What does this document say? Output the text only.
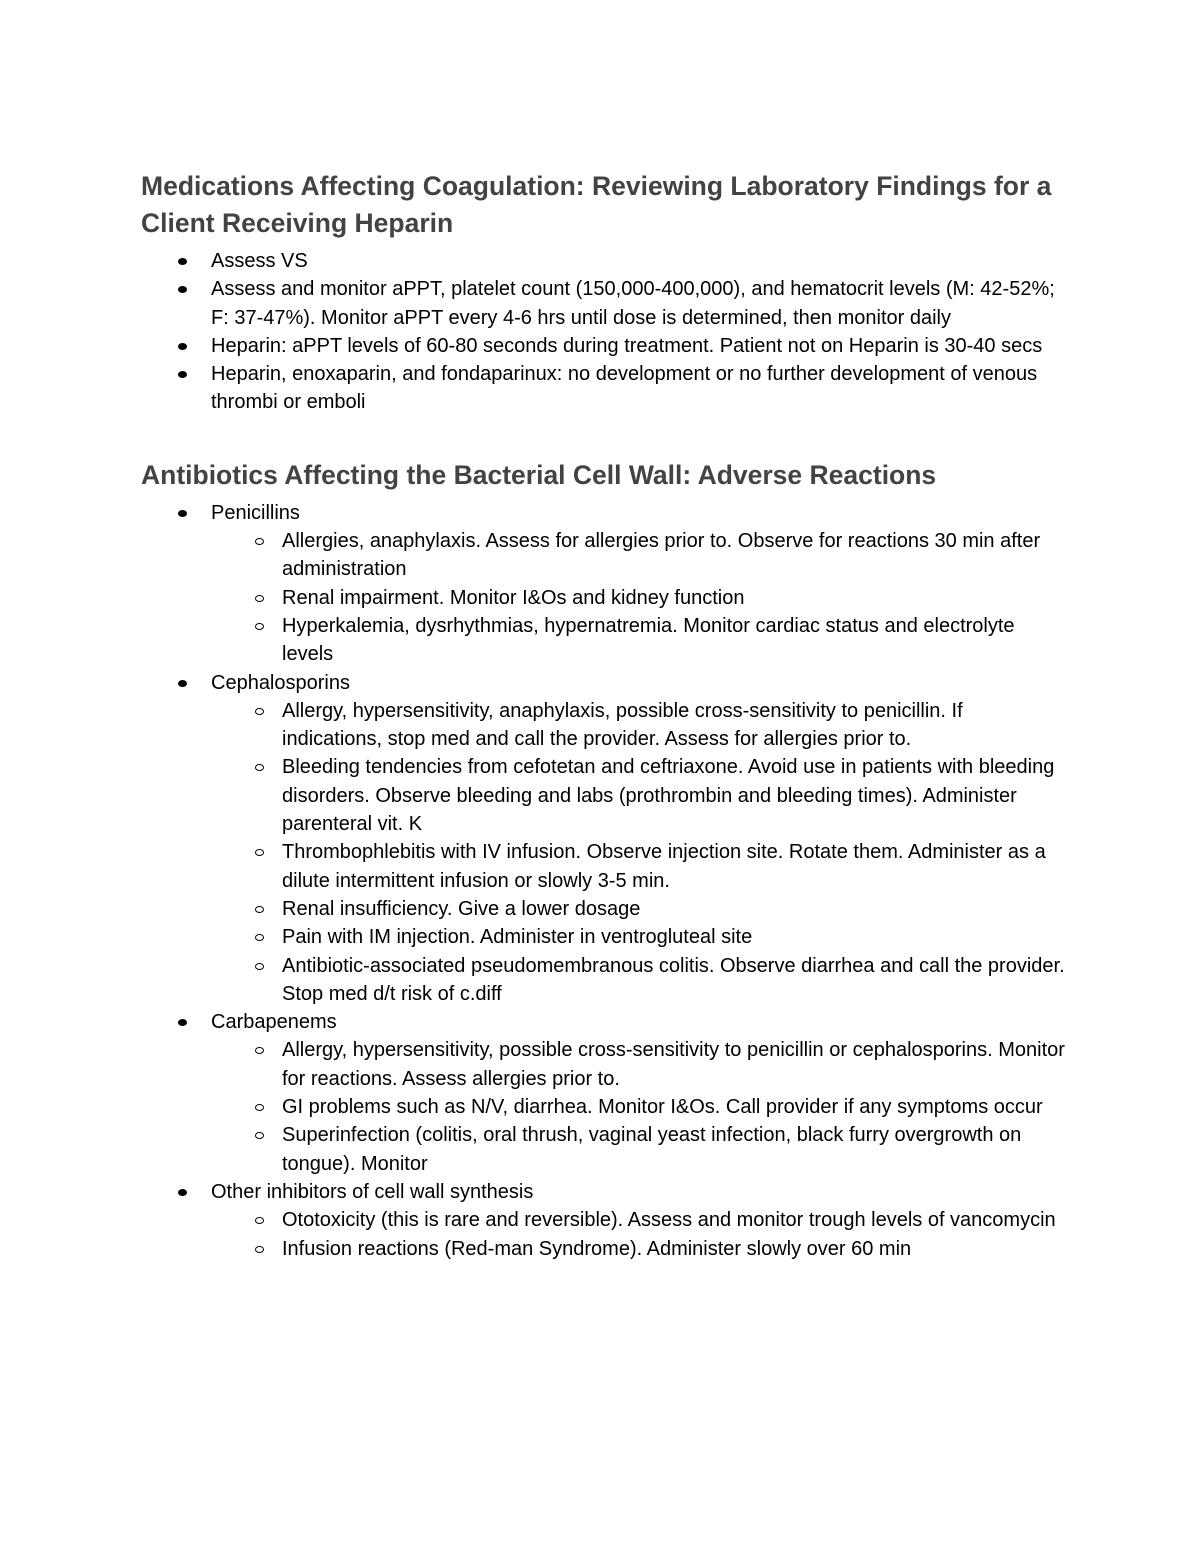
Medications Affecting Coagulation: Reviewing Laboratory Findings for a Client Receiving Heparin
Assess VS
Assess and monitor aPPT, platelet count (150,000-400,000), and hematocrit levels (M: 42-52%; F: 37-47%). Monitor aPPT every 4-6 hrs until dose is determined, then monitor daily
Heparin: aPPT levels of 60-80 seconds during treatment. Patient not on Heparin is 30-40 secs
Heparin, enoxaparin, and fondaparinux: no development or no further development of venous thrombi or emboli
Antibiotics Affecting the Bacterial Cell Wall: Adverse Reactions
Penicillins
Allergies, anaphylaxis. Assess for allergies prior to. Observe for reactions 30 min after administration
Renal impairment. Monitor I&Os and kidney function
Hyperkalemia, dysrhythmias, hypernatremia. Monitor cardiac status and electrolyte levels
Cephalosporins
Allergy, hypersensitivity, anaphylaxis, possible cross-sensitivity to penicillin. If indications, stop med and call the provider. Assess for allergies prior to.
Bleeding tendencies from cefotetan and ceftriaxone. Avoid use in patients with bleeding disorders. Observe bleeding and labs (prothrombin and bleeding times). Administer parenteral vit. K
Thrombophlebitis with IV infusion. Observe injection site. Rotate them. Administer as a dilute intermittent infusion or slowly 3-5 min.
Renal insufficiency. Give a lower dosage
Pain with IM injection. Administer in ventrogluteal site
Antibiotic-associated pseudomembranous colitis. Observe diarrhea and call the provider. Stop med d/t risk of c.diff
Carbapenems
Allergy, hypersensitivity, possible cross-sensitivity to penicillin or cephalosporins. Monitor for reactions. Assess allergies prior to.
GI problems such as N/V, diarrhea. Monitor I&Os. Call provider if any symptoms occur
Superinfection (colitis, oral thrush, vaginal yeast infection, black furry overgrowth on tongue). Monitor
Other inhibitors of cell wall synthesis
Ototoxicity (this is rare and reversible). Assess and monitor trough levels of vancomycin
Infusion reactions (Red-man Syndrome). Administer slowly over 60 min
